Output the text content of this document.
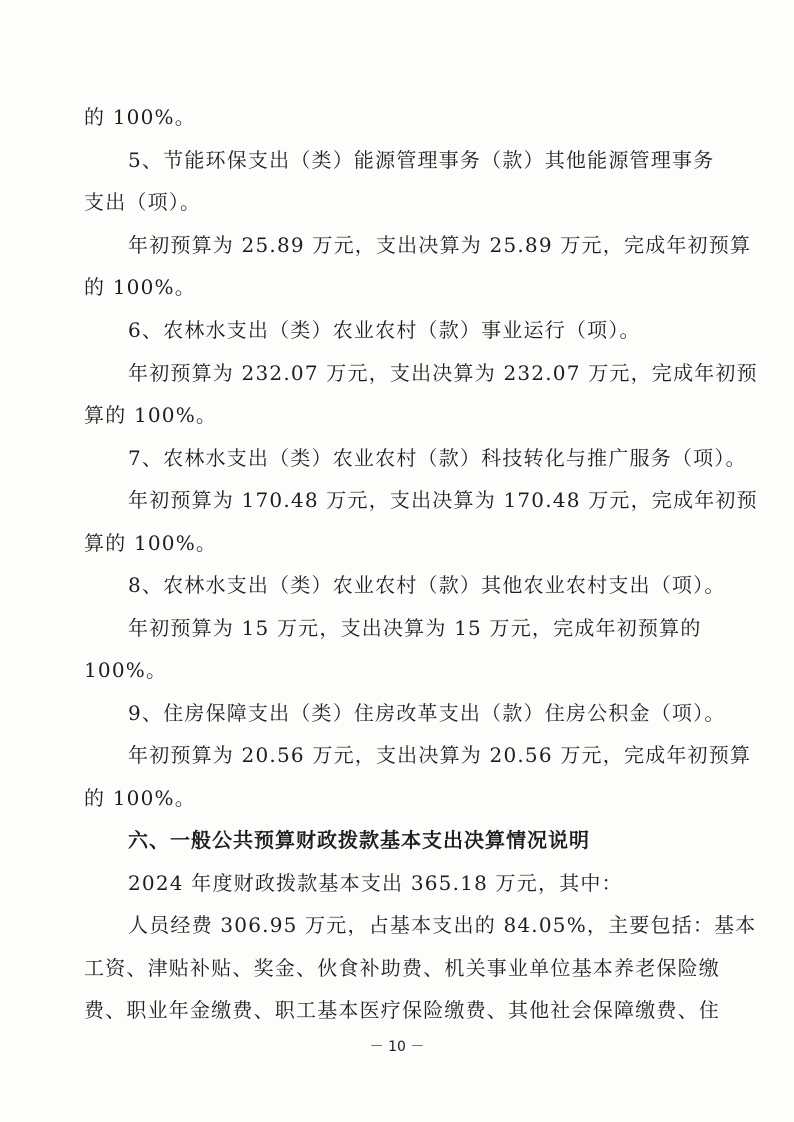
的 100%。
5、节能环保支出（类）能源管理事务（款）其他能源管理事务
支出（项）。
年初预算为 25.89 万元，支出决算为 25.89 万元，完成年初预算
的 100%。
6、农林水支出（类）农业农村（款）事业运行（项）。
年初预算为 232.07 万元，支出决算为 232.07 万元，完成年初预
算的 100%。
7、农林水支出（类）农业农村（款）科技转化与推广服务（项）。
年初预算为 170.48 万元，支出决算为 170.48 万元，完成年初预
算的 100%。
8、农林水支出（类）农业农村（款）其他农业农村支出（项）。
年初预算为 15 万元，支出决算为 15 万元，完成年初预算的
100%。
9、住房保障支出（类）住房改革支出（款）住房公积金（项）。
年初预算为 20.56 万元，支出决算为 20.56 万元，完成年初预算
的 100%。
六、一般公共预算财政拨款基本支出决算情况说明
2024 年度财政拨款基本支出 365.18 万元，其中：
人员经费 306.95 万元，占基本支出的 84.05%，主要包括：基本
工资、津贴补贴、奖金、伙食补助费、机关事业单位基本养老保险缴
费、职业年金缴费、职工基本医疗保险缴费、其他社会保障缴费、住
－ 10 －
